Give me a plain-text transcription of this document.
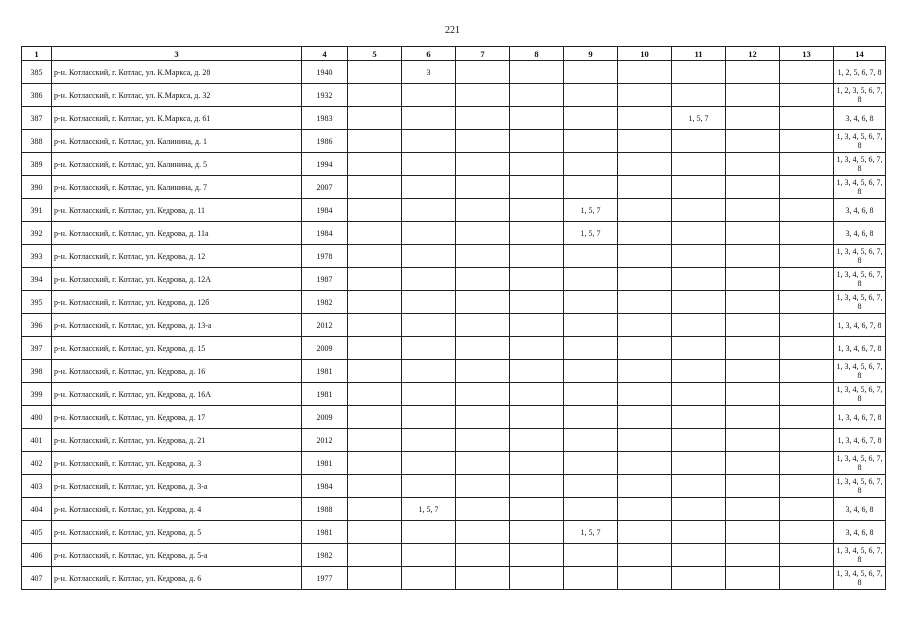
221
1	3	4	5	6	7	8	9	10	11	12	13	14
385	р-н. Котласский, г. Котлас, ул. К.Маркса, д. 28	1940		3								1, 2, 5, 6, 7, 8
386	р-н. Котласский, г. Котлас, ул. К.Маркса, д. 32	1932										1, 2, 3, 5, 6, 7, 8
387	р-н. Котласский, г. Котлас, ул. К.Маркса, д. 61	1983							1, 5, 7			3, 4, 6, 8
388	р-н. Котласский, г. Котлас, ул. Калинина, д. 1	1986										1, 3, 4, 5, 6, 7, 8
389	р-н. Котласский, г. Котлас, ул. Калинина, д. 5	1994										1, 3, 4, 5, 6, 7, 8
390	р-н. Котласский, г. Котлас, ул. Калинина, д. 7	2007										1, 3, 4, 5, 6, 7, 8
391	р-н. Котласский, г. Котлас, ул. Кедрова, д. 11	1984					1, 5, 7					3, 4, 6, 8
392	р-н. Котласский, г. Котлас, ул. Кедрова, д. 11а	1984					1, 5, 7					3, 4, 6, 8
393	р-н. Котласский, г. Котлас, ул. Кедрова, д. 12	1978										1, 3, 4, 5, 6, 7, 8
394	р-н. Котласский, г. Котлас, ул. Кедрова, д. 12А	1987										1, 3, 4, 5, 6, 7, 8
395	р-н. Котласский, г. Котлас, ул. Кедрова, д. 12б	1982										1, 3, 4, 5, 6, 7, 8
396	р-н. Котласский, г. Котлас, ул. Кедрова, д. 13-а	2012										1, 3, 4, 6, 7, 8
397	р-н. Котласский, г. Котлас, ул. Кедрова, д. 15	2009										1, 3, 4, 6, 7, 8
398	р-н. Котласский, г. Котлас, ул. Кедрова, д. 16	1981										1, 3, 4, 5, 6, 7, 8
399	р-н. Котласский, г. Котлас, ул. Кедрова, д. 16А	1981										1, 3, 4, 5, 6, 7, 8
400	р-н. Котласский, г. Котлас, ул. Кедрова, д. 17	2009										1, 3, 4, 6, 7, 8
401	р-н. Котласский, г. Котлас, ул. Кедрова, д. 21	2012										1, 3, 4, 6, 7, 8
402	р-н. Котласский, г. Котлас, ул. Кедрова, д. 3	1981										1, 3, 4, 5, 6, 7, 8
403	р-н. Котласский, г. Котлас, ул. Кедрова, д. 3-а	1984										1, 3, 4, 5, 6, 7, 8
404	р-н. Котласский, г. Котлас, ул. Кедрова, д. 4	1988		1, 5, 7								3, 4, 6, 8
405	р-н. Котласский, г. Котлас, ул. Кедрова, д. 5	1981					1, 5, 7					3, 4, 6, 8
406	р-н. Котласский, г. Котлас, ул. Кедрова, д. 5-а	1982										1, 3, 4, 5, 6, 7, 8
407	р-н. Котласский, г. Котлас, ул. Кедрова, д. 6	1977										1, 3, 4, 5, 6, 7, 8
